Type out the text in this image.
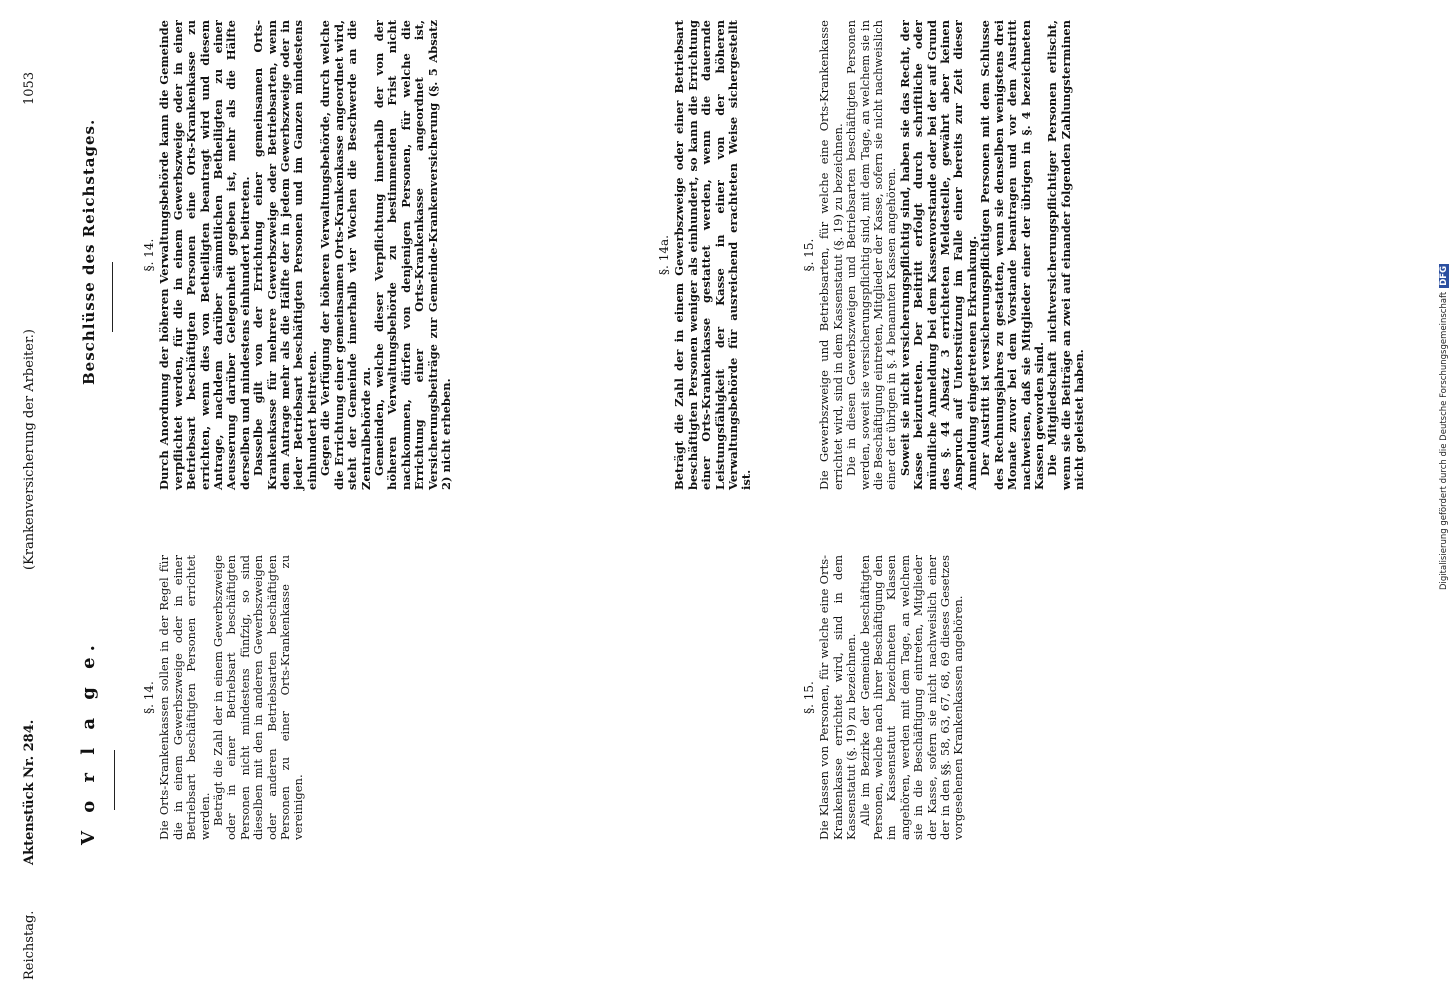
Reichstag.
Aktenstück Nr. 284.
(Krankenversicherung der Arbeiter.)
1053
V o r l a g e.
Beschlüsse des Reichstages.
§. 14. Die Orts-Krankenkassen sollen in der Regel für die in einem Gewerbszweige oder in einer Betriebsart beschäftigten Personen errichtet werden. Beträgt die Zahl der in einem Gewerbszweige oder in einer Betriebsart beschäftigten Personen nicht mindestens fünfzig, so sind dieselben mit den in anderen Gewerbszweigen oder anderen Betriebsarten beschäftigten Personen zu einer Orts-Krankenkasse zu vereinigen.

§. 15. Die Klassen von Personen, für welche eine Orts-Krankenkasse errichtet wird, sind in dem Kassenstatut (§. 19) zu bezeichnen. Alle im Bezirke der Gemeinde beschäftigten Personen, welche nach ihrer Beschäftigung den im Kassenstatut bezeichneten Klassen angehören, werden mit dem Tage, an welchem sie in die Beschäftigung eintreten, Mitglieder der Kasse, sofern sie nicht nachweislich einer der in den §§. 58, 63, 67, 68, 69 dieses Gesetzes vorgesehenen Krankenkassen angehören.

§. 14. Durch Anordnung der höheren Verwaltungsbehörde kann die Gemeinde verpflichtet werden, für die in einem Gewerbszweige oder in einer Betriebsart beschäftigten Personen eine Orts-Krankenkasse zu errichten, wenn dies von Betheiligten beantragt wird und diesem Antrage, nachdem darüber sämmtlichen Betheiligten zu einer Aeusserung darüber Gelegenheit gegeben ist, mehr als die Hälfte derselben und mindestens einhundert beitreten. Dasselbe gilt von der Errichtung einer gemeinsamen Orts-Krankenkasse für mehrere Gewerbszweige oder Betriebsarten, wenn dem Antrage mehr als die Hälfte der in jedem Gewerbszweige oder in jeder Betriebsart beschäftigten Personen und im Ganzen mindestens einhundert beitreten. Gegen die Verfügung der höheren Verwaltungsbehörde, durch welche die Errichtung einer gemeinsamen Orts-Krankenkasse angeordnet wird, steht der Gemeinde innerhalb vier Wochen die Beschwerde an die Zentralbehörde zu. Gemeinden, welche dieser Verpflichtung innerhalb der von der höheren Verwaltungsbehörde zu bestimmenden Frist nicht nachkommen, dürfen von denjenigen Personen, für welche die Errichtung einer Orts-Krankenkasse angeordnet ist, Versicherungsbeiträge zur Gemeinde-Krankenversicherung (§. 5 Absatz 2) nicht erheben.

§. 14a. Beträgt die Zahl der in einem Gewerbszweige oder einer Betriebsart beschäftigten Personen weniger als einhundert, so kann die Errichtung einer Orts-Krankenkasse gestattet werden, wenn die dauernde Leistungsfähigkeit der Kasse in einer von der höheren Verwaltungsbehörde für ausreichend erachteten Weise sichergestellt ist.

§. 15. Die Gewerbszweige und Betriebsarten, für welche eine Orts-Krankenkasse errichtet wird, sind in dem Kassenstatut (§. 19) zu bezeichnen. Die in diesen Gewerbszweigen und Betriebsarten beschäftigten Personen werden, soweit sie versicherungspflichtig sind, mit dem Tage, an welchem sie in die Beschäftigung eintreten, Mitglieder der Kasse, sofern sie nicht nachweislich einer der übrigen in §. 4 benannten Kassen angehören. Soweit sie nicht versicherungspflichtig sind, haben sie das Recht, der Kasse beizutreten. Der Beitritt erfolgt durch schriftliche oder mündliche Anmeldung bei dem Kassenvorstande oder bei der auf Grund des §. 44 Absatz 3 errichteten Meldestelle, gewährt aber keinen Anspruch auf Unterstützung im Falle einer bereits zur Zeit dieser Anmeldung eingetretenen Erkrankung. Der Austritt ist versicherungspflichtigen Personen mit dem Schlusse des Rechnungsjahres zu gestatten, wenn sie denselben wenigstens drei Monate zuvor bei dem Vorstande beantragen und vor dem Austritt nachweisen, daß sie Mitglieder einer der übrigen in §. 4 bezeichneten Kassen geworden sind. Die Mitgliedschaft nichtversicherungspflichtiger Personen erlischt, wenn sie die Beiträge an zwei auf einander folgenden Zahlungsterminen nicht geleistet haben.	Digitalisierung gefördert durch die Deutsche Forschungsgemeinschaft
DFG
